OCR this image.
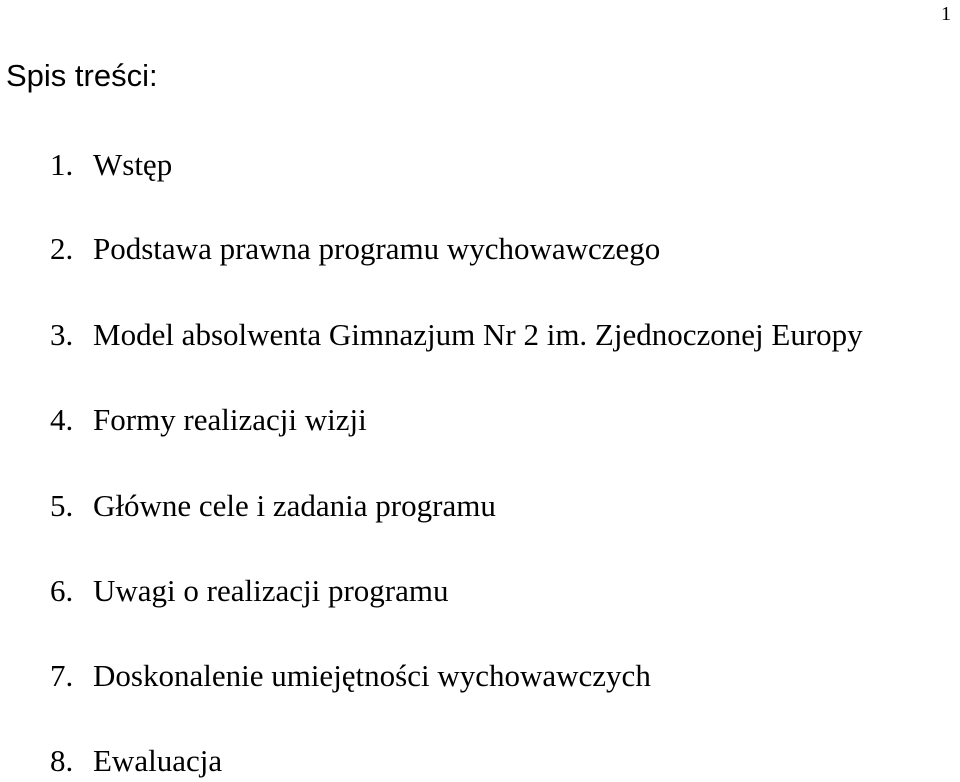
1
Spis treści:
1. Wstęp
2. Podstawa prawna programu wychowawczego
3. Model absolwenta Gimnazjum Nr 2 im. Zjednoczonej Europy
4. Formy realizacji wizji
5. Główne cele i zadania programu
6. Uwagi o realizacji programu
7. Doskonalenie umiejętności wychowawczych
8. Ewaluacja
